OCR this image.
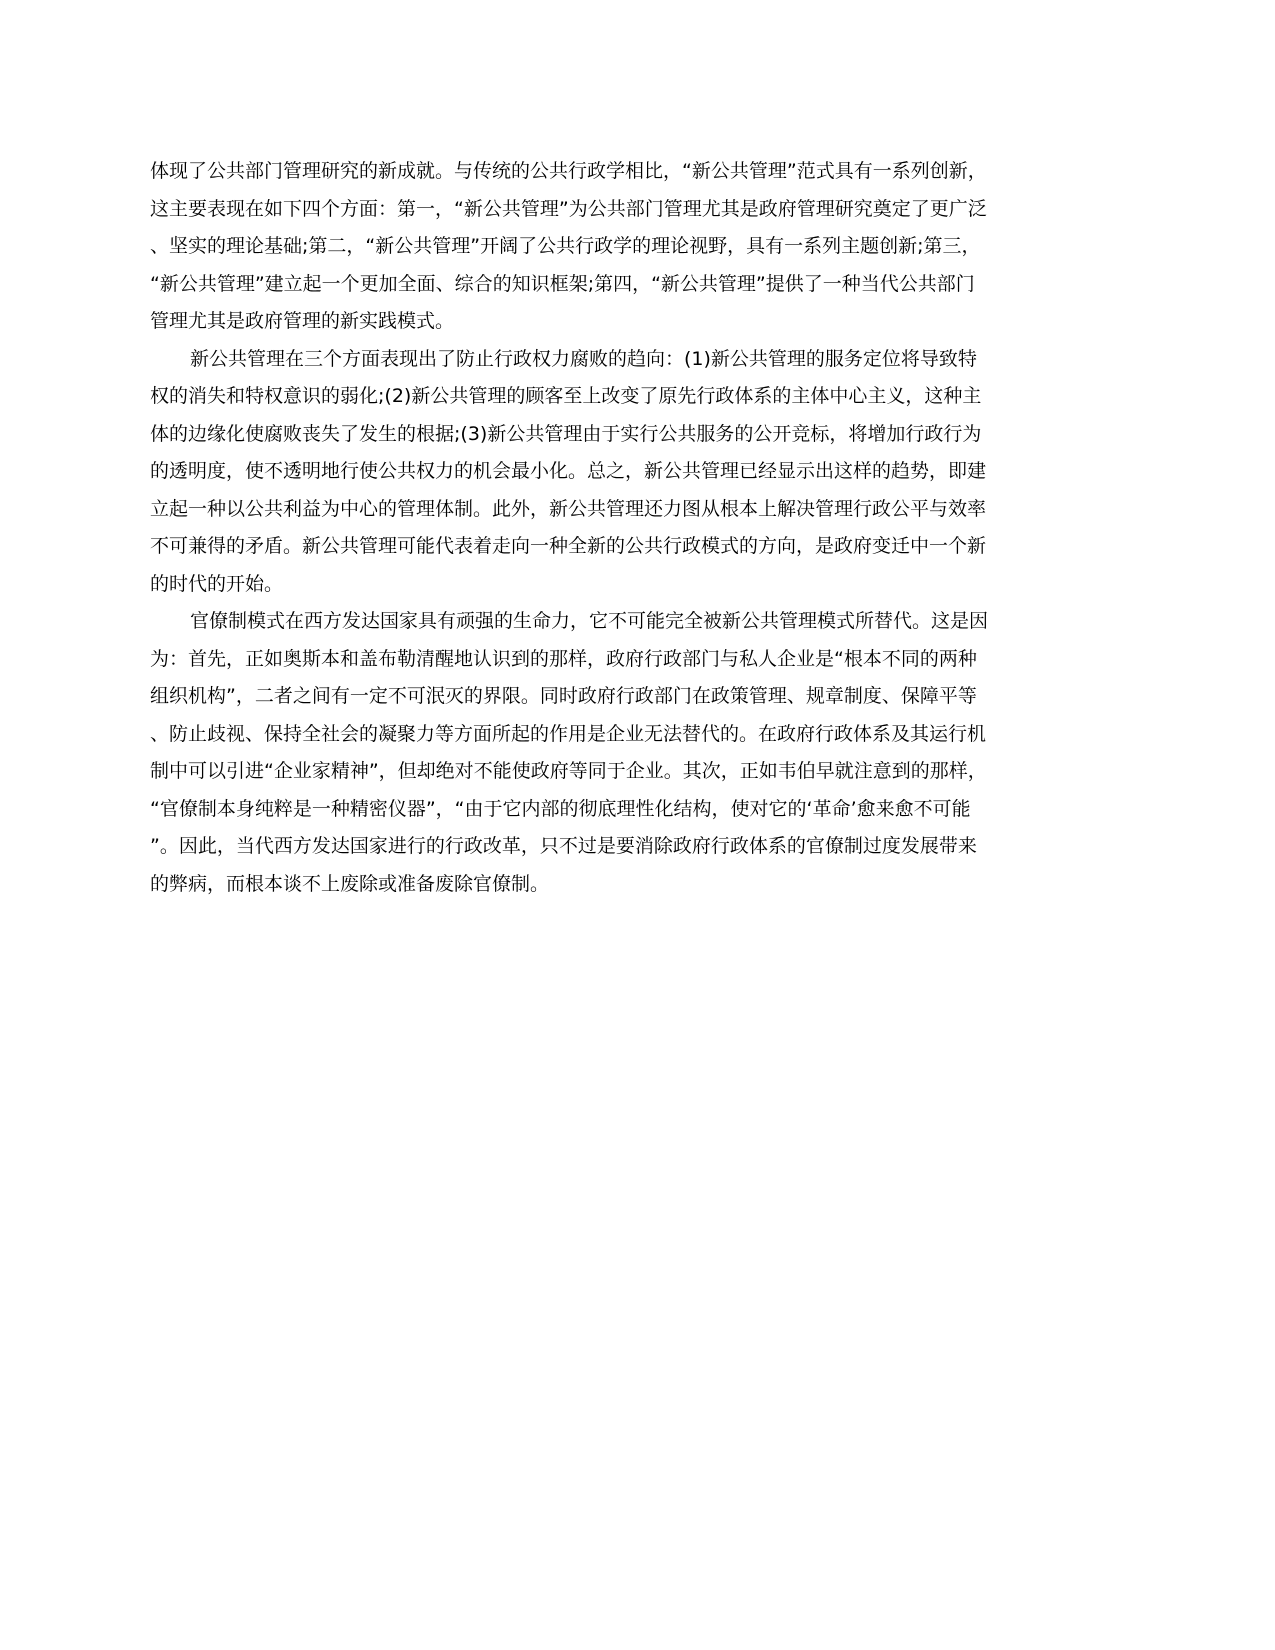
体现了公共部门管理研究的新成就。与传统的公共行政学相比，“新公共管理”范式具有一系列创新，
这主要表现在如下四个方面：第一，“新公共管理”为公共部门管理尤其是政府管理研究奠定了更广泛
、坚实的理论基础;第二，“新公共管理”开阔了公共行政学的理论视野，具有一系列主题创新;第三，
“新公共管理”建立起一个更加全面、综合的知识框架;第四，“新公共管理”提供了一种当代公共部门
管理尤其是政府管理的新实践模式。
新公共管理在三个方面表现出了防止行政权力腐败的趋向：(1)新公共管理的服务定位将导致特
权的消失和特权意识的弱化;(2)新公共管理的顾客至上改变了原先行政体系的主体中心主义，这种主
体的边缘化使腐败丧失了发生的根据;(3)新公共管理由于实行公共服务的公开竞标，将增加行政行为
的透明度，使不透明地行使公共权力的机会最小化。总之，新公共管理已经显示出这样的趋势，即建
立起一种以公共利益为中心的管理体制。此外，新公共管理还力图从根本上解决管理行政公平与效率
不可兼得的矛盾。新公共管理可能代表着走向一种全新的公共行政模式的方向，是政府变迁中一个新
的时代的开始。
官僚制模式在西方发达国家具有顽强的生命力，它不可能完全被新公共管理模式所替代。这是因
为：首先，正如奥斯本和盖布勒清醒地认识到的那样，政府行政部门与私人企业是“根本不同的两种
组织机构”，二者之间有一定不可泯灭的界限。同时政府行政部门在政策管理、规章制度、保障平等
、防止歧视、保持全社会的凝聚力等方面所起的作用是企业无法替代的。在政府行政体系及其运行机
制中可以引进“企业家精神”，但却绝对不能使政府等同于企业。其次，正如韦伯早就注意到的那样，
“官僚制本身纯粹是一种精密仪器”，“由于它内部的彻底理性化结构，使对它的‘革命’愈来愈不可能
”。因此，当代西方发达国家进行的行政改革，只不过是要消除政府行政体系的官僚制过度发展带来
的弊病，而根本谈不上废除或准备废除官僚制。
